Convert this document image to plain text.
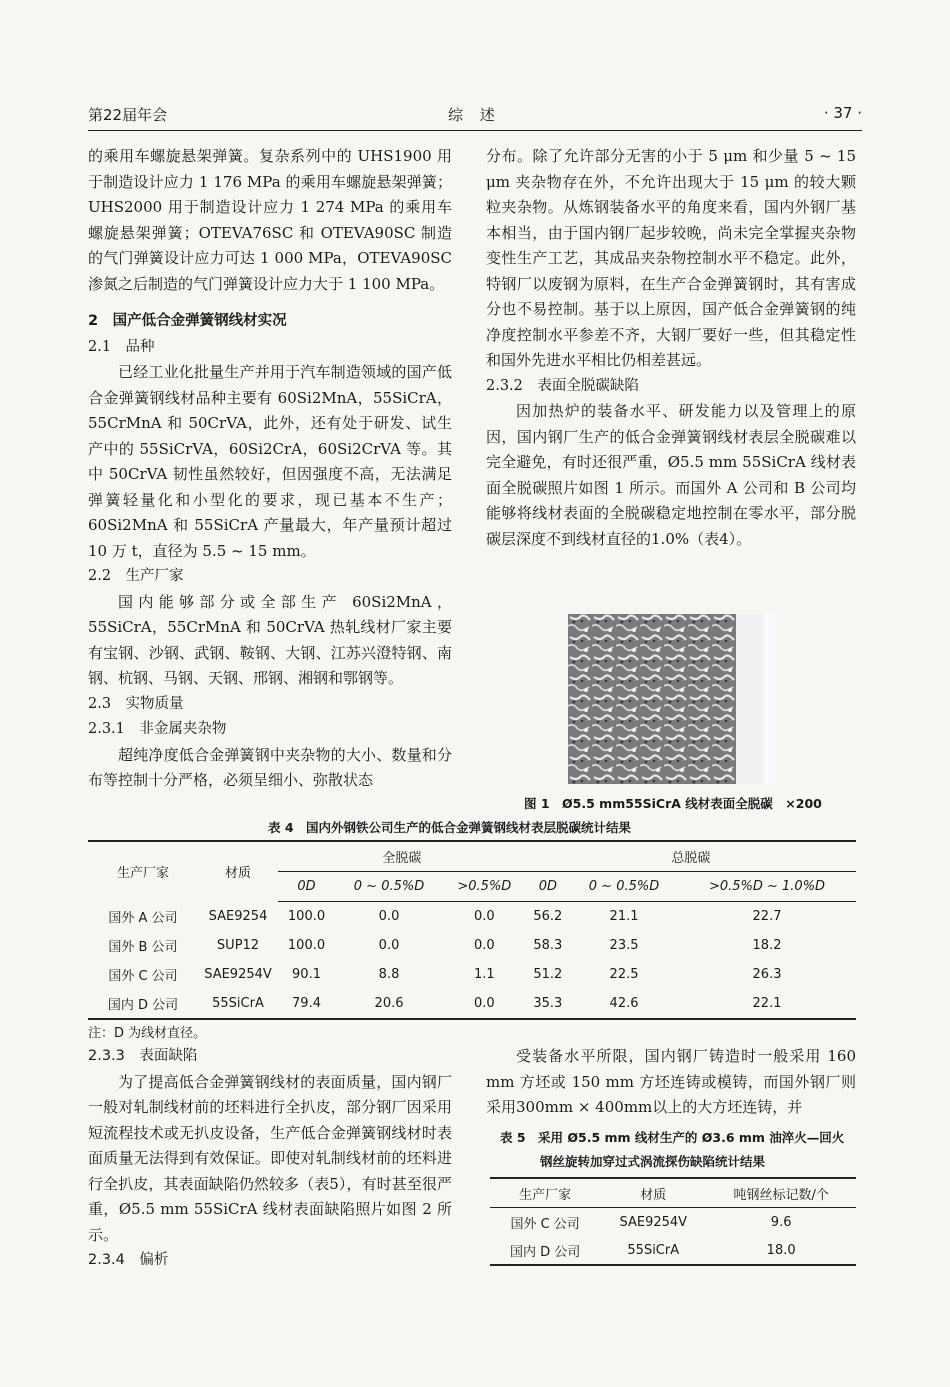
第22届年会	综 述	· 37 ·

的乘用车螺旋悬架弹簧。复杂系列中的 UHS1900 用于制造设计应力 1 176 MPa 的乘用车螺旋悬架弹簧；UHS2000 用于制造设计应力 1 274 MPa 的乘用车螺旋悬架弹簧；OTEVA76SC 和 OTEVA90SC 制造的气门弹簧设计应力可达 1 000 MPa，OTEVA90SC 渗氮之后制造的气门弹簧设计应力大于 1 100 MPa。

2　国产低合金弹簧钢线材实况

2.1　品种

已经工业化批量生产并用于汽车制造领域的国产低合金弹簧钢线材品种主要有 60Si2MnA，55SiCrA，55CrMnA 和 50CrVA，此外，还有处于研发、试生产中的 55SiCrVA，60Si2CrA，60Si2CrVA 等。其中 50CrVA 韧性虽然较好，但因强度不高，无法满足弹簧轻量化和小型化的要求，现已基本不生产；60Si2MnA 和 55SiCrA 产量最大，年产量预计超过 10 万 t，直径为 5.5 ~ 15 mm。

2.2　生产厂家

国内能够部分或全部生产 60Si2MnA，55SiCrA，55CrMnA 和 50CrVA 热轧线材厂家主要有宝钢、沙钢、武钢、鞍钢、大钢、江苏兴澄特钢、南钢、杭钢、马钢、天钢、邢钢、湘钢和鄂钢等。

2.3　实物质量

2.3.1　非金属夹杂物

超纯净度低合金弹簧钢中夹杂物的大小、数量和分布等控制十分严格，必须呈细小、弥散状态

分布。除了允许部分无害的小于 5 μm 和少量 5 ~ 15 μm 夹杂物存在外，不允许出现大于 15 μm 的较大颗粒夹杂物。从炼钢装备水平的角度来看，国内外钢厂基本相当，由于国内钢厂起步较晚，尚未完全掌握夹杂物变性生产工艺，其成品夹杂物控制水平不稳定。此外，特钢厂以废钢为原料，在生产合金弹簧钢时，其有害成分也不易控制。基于以上原因，国产低合金弹簧钢的纯净度控制水平参差不齐，大钢厂要好一些，但其稳定性和国外先进水平相比仍相差甚远。

2.3.2　表面全脱碳缺陷

因加热炉的装备水平、研发能力以及管理上的原因，国内钢厂生产的低合金弹簧钢线材表层全脱碳难以完全避免，有时还很严重，Ø5.5 mm 55SiCrA 线材表面全脱碳照片如图 1 所示。而国外 A 公司和 B 公司均能够将线材表面的全脱碳稳定地控制在零水平，部分脱碳层深度不到线材直径的1.0%（表4）。

图 1　Ø5.5 mm55SiCrA 线材表面全脱碳　×200
表 4　国内外钢铁公司生产的低合金弹簧钢线材表层脱碳统计结果
生产厂家	材质	全脱碳			总脱碳		
		0D	0 ~ 0.5%D	>0.5%D	0D	0 ~ 0.5%D	>0.5%D ~ 1.0%D
国外 A 公司	SAE9254	100.0	0.0	0.0	56.2	21.1	22.7
国外 B 公司	SUP12	100.0	0.0	0.0	58.3	23.5	18.2
国外 C 公司	SAE9254V	90.1	8.8	1.1	51.2	22.5	26.3
国内 D 公司	55SiCrA	79.4	20.6	0.0	35.3	42.6	22.1
注：D 为线材直径。

2.3.3　表面缺陷

为了提高低合金弹簧钢线材的表面质量，国内钢厂一般对轧制线材前的坯料进行全扒皮，部分钢厂因采用短流程技术或无扒皮设备，生产低合金弹簧钢线材时表面质量无法得到有效保证。即使对轧制线材前的坯料进行全扒皮，其表面缺陷仍然较多（表5），有时甚至很严重，Ø5.5 mm 55SiCrA 线材表面缺陷照片如图 2 所示。

2.3.4　偏析

受装备水平所限，国内钢厂铸造时一般采用 160 mm 方坯或 150 mm 方坯连铸或模铸，而国外钢厂则采用300mm × 400mm以上的大方坯连铸，并

表 5　采用 Ø5.5 mm 线材生产的 Ø3.6 mm 油淬火—回火
钢丝旋转加穿过式涡流探伤缺陷统计结果
生产厂家	材质	吨钢丝标记数/个
国外 C 公司	SAE9254V	9.6
国内 D 公司	55SiCrA	18.0
